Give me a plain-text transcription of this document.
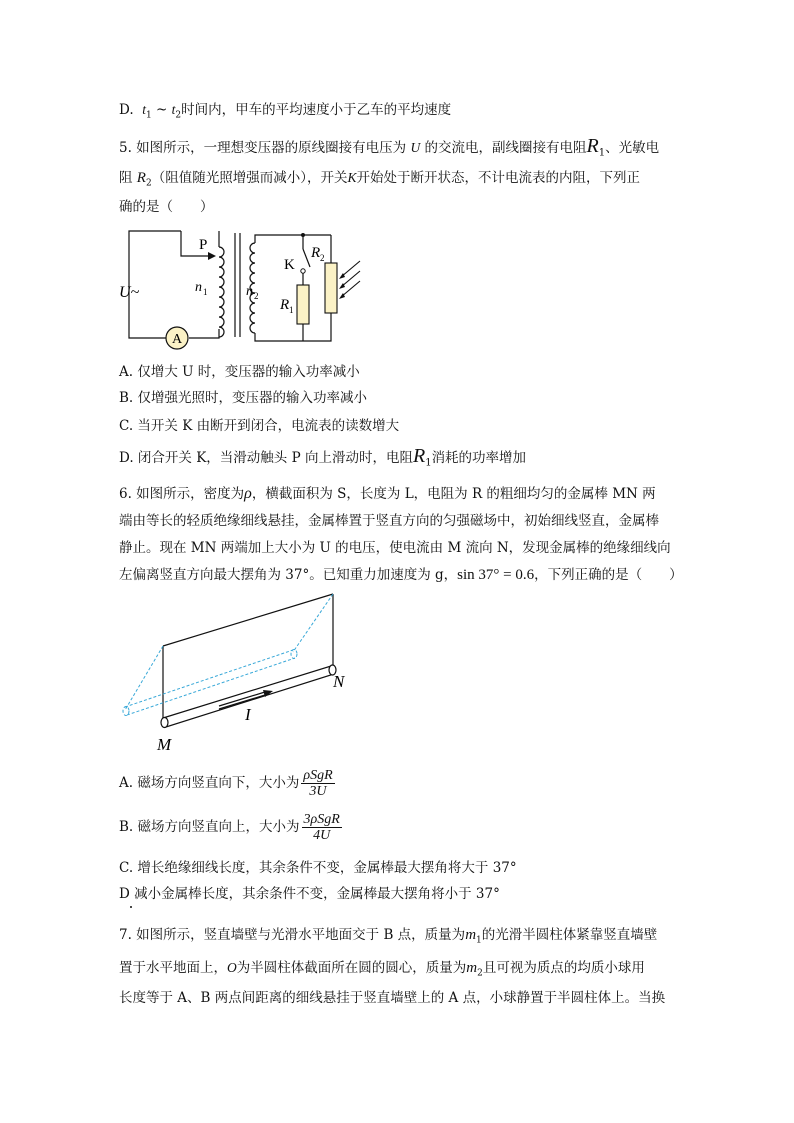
D. $t_1$ ~ $t_2$时间内，甲车的平均速度小于乙车的平均速度
5. 如图所示，一理想变压器的原线圈接有电压为 U 的交流电，副线圈接有电阻$R_1$、光敏电
阻 $R_2$（阻值随光照增强而减小），开关K开始处于断开状态，不计电流表的内阻，下列正
确的是（　　）
A
P
U~	n 1	n 2
K
R 1
R 2
A. 仅增大 U 时，变压器的输入功率减小
B. 仅增强光照时，变压器的输入功率减小
C. 当开关 K 由断开到闭合，电流表的读数增大
D. 闭合开关 K，当滑动触头 P 向上滑动时，电阻$R_1$消耗的功率增加
6. 如图所示，密度为ρ，横截面积为 S，长度为 L，电阻为 R 的粗细均匀的金属棒 MN 两
端由等长的轻质绝缘细线悬挂，金属棒置于竖直方向的匀强磁场中，初始细线竖直，金属棒
静止。现在 MN 两端加上大小为 U 的电压，使电流由 M 流向 N，发现金属棒的绝缘细线向
左偏离竖直方向最大摆角为 37°。已知重力加速度为 g，sin 37° = 0.6，下列正确的是（　　）
I
M
N
A. 磁场方向竖直向下，大小为 $\frac{\text{ρSgR}}{3U}$
B. 磁场方向竖直向上，大小为 $\frac{\text{3ρSgR}}{4U}$
C. 增长绝缘细线长度，其余条件不变，金属棒最大摆角将大于 37°
D 减小金属棒长度，其余条件不变，金属棒最大摆角将小于 37°
7. 如图所示，竖直墙壁与光滑水平地面交于 B 点，质量为$m_1$的光滑半圆柱体紧靠竖直墙壁
置于水平地面上，O为半圆柱体截面所在圆的圆心，质量为$m_2$且可视为质点的均质小球用
长度等于 A、B 两点间距离的细线悬挂于竖直墙壁上的 A 点，小球静置于半圆柱体上。当换
